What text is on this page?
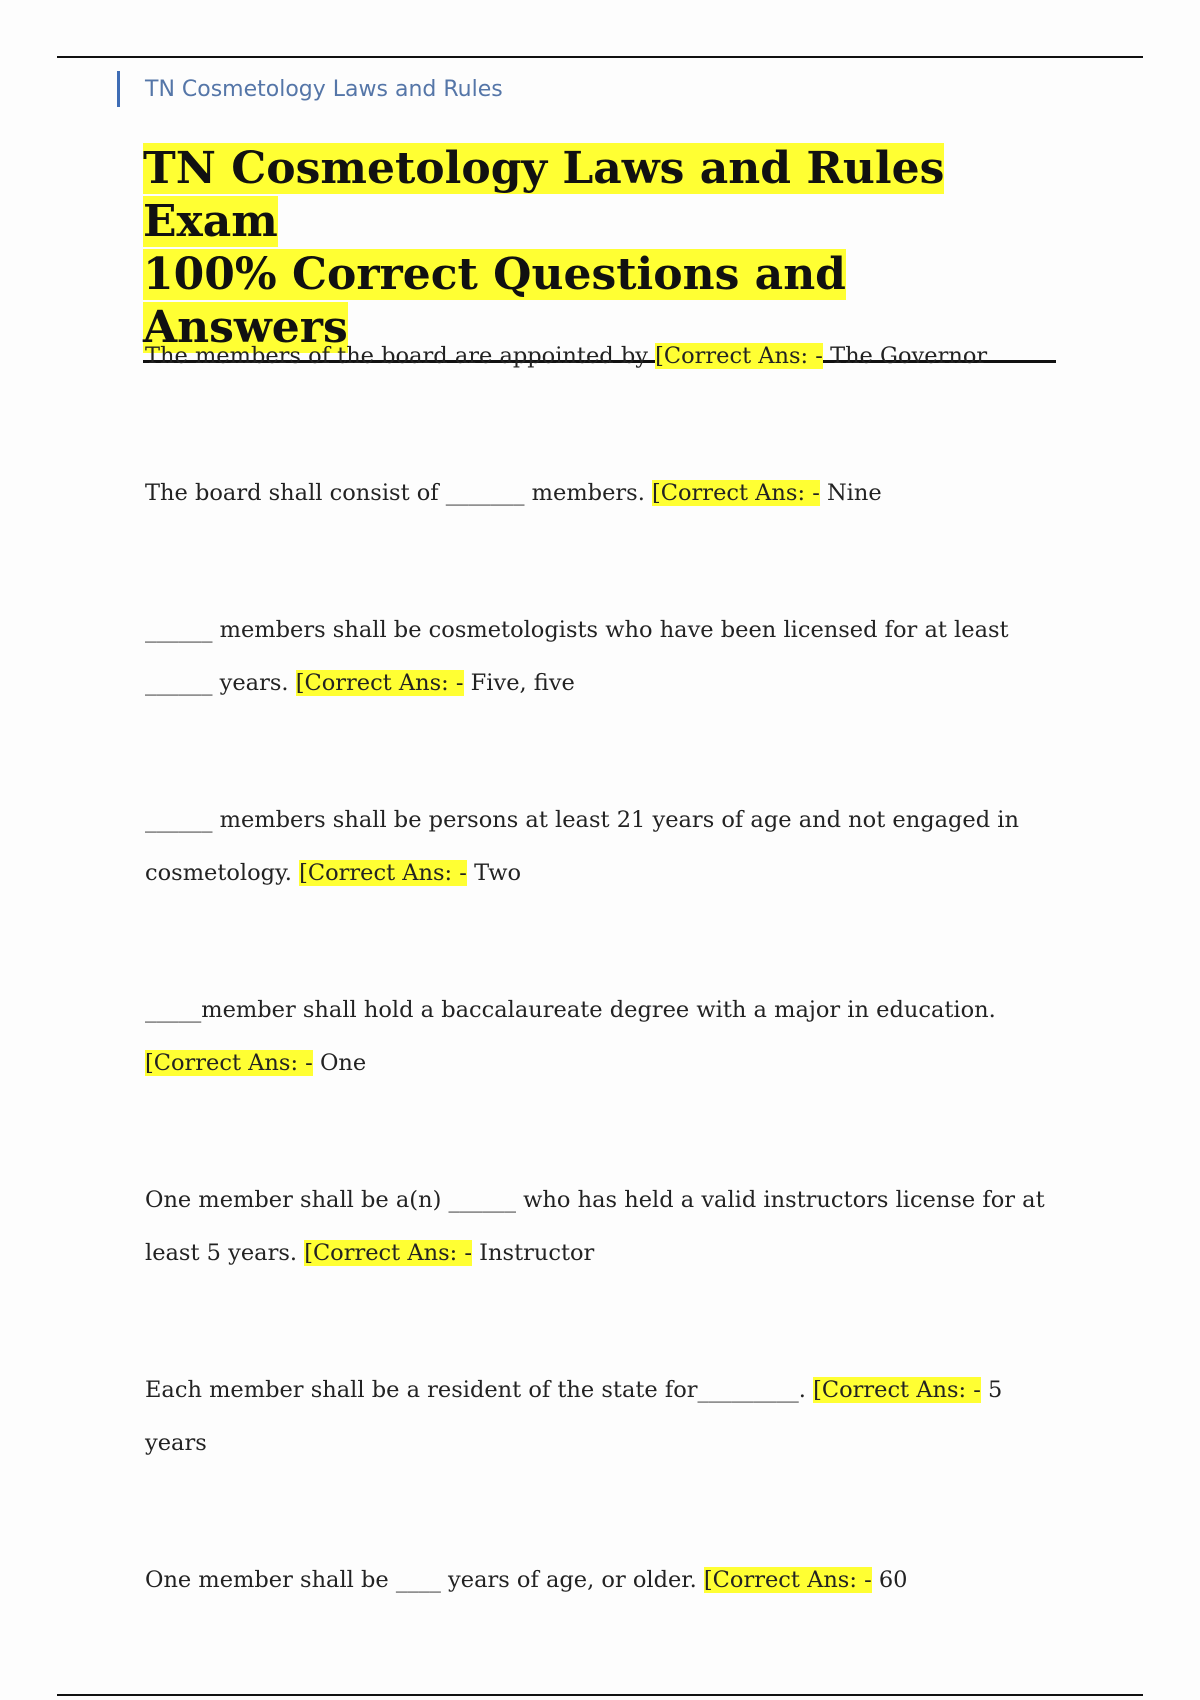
TN Cosmetology Laws and Rules
TN Cosmetology Laws and Rules Exam
100% Correct Questions and Answers

The members of the board are appointed by [Correct Ans: - The Governor

The board shall consist of _______ members. [Correct Ans: - Nine

______ members shall be cosmetologists who have been licensed for at least ______ years. [Correct Ans: - Five, five

______ members shall be persons at least 21 years of age and not engaged in cosmetology. [Correct Ans: - Two

_____member shall hold a baccalaureate degree with a major in education. [Correct Ans: - One

One member shall be a(n) ______ who has held a valid instructors license for at least 5 years. [Correct Ans: - Instructor

Each member shall be a resident of the state for_________. [Correct Ans: - 5 years

One member shall be ____ years of age, or older. [Correct Ans: - 60
